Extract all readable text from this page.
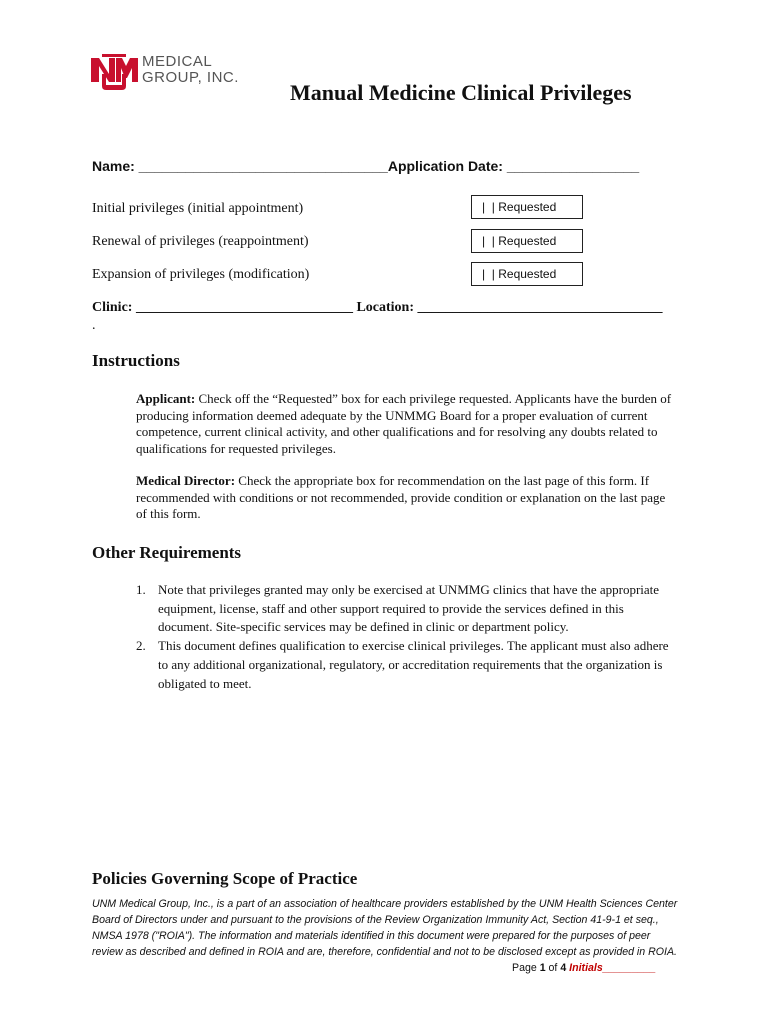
MEDICAL
GROUP, INC.
Manual Medicine Clinical Privileges
Name: ________________________________Application Date: _________________
Initial privileges (initial appointment)	|  | Requested
Renewal of privileges (reappointment)	|  | Requested
Expansion of privileges (modification)	|  | Requested
Clinic: _______________________________ Location: ___________________________________
.
Instructions

Applicant: Check off the “Requested” box for each privilege requested. Applicants have the burden of producing information deemed adequate by the UNMMG Board for a proper evaluation of current competence, current clinical activity, and other qualifications and for resolving any doubts related to qualifications for requested privileges.

Medical Director: Check the appropriate box for recommendation on the last page of this form. If recommended with conditions or not recommended, provide condition or explanation on the last page of this form.

Other Requirements
1. Note that privileges granted may only be exercised at UNMMG clinics that have the appropriate equipment, license, staff and other support required to provide the services defined in this document. Site-specific services may be defined in clinic or department policy.
2. This document defines qualification to exercise clinical privileges. The applicant must also adhere to any additional organizational, regulatory, or accreditation requirements that the organization is obligated to meet.
Policies Governing Scope of Practice

UNM Medical Group, Inc., is a part of an association of healthcare providers established by the UNM Health Sciences Center Board of Directors under and pursuant to the provisions of the Review Organization Immunity Act, Section 41-9-1 et seq., NMSA 1978 ("ROIA"). The information and materials identified in this document were prepared for the purposes of peer review as described and defined in ROIA and are, therefore, confidential and not to be disclosed except as provided in ROIA.

Page 1 of 4 Initials_________
